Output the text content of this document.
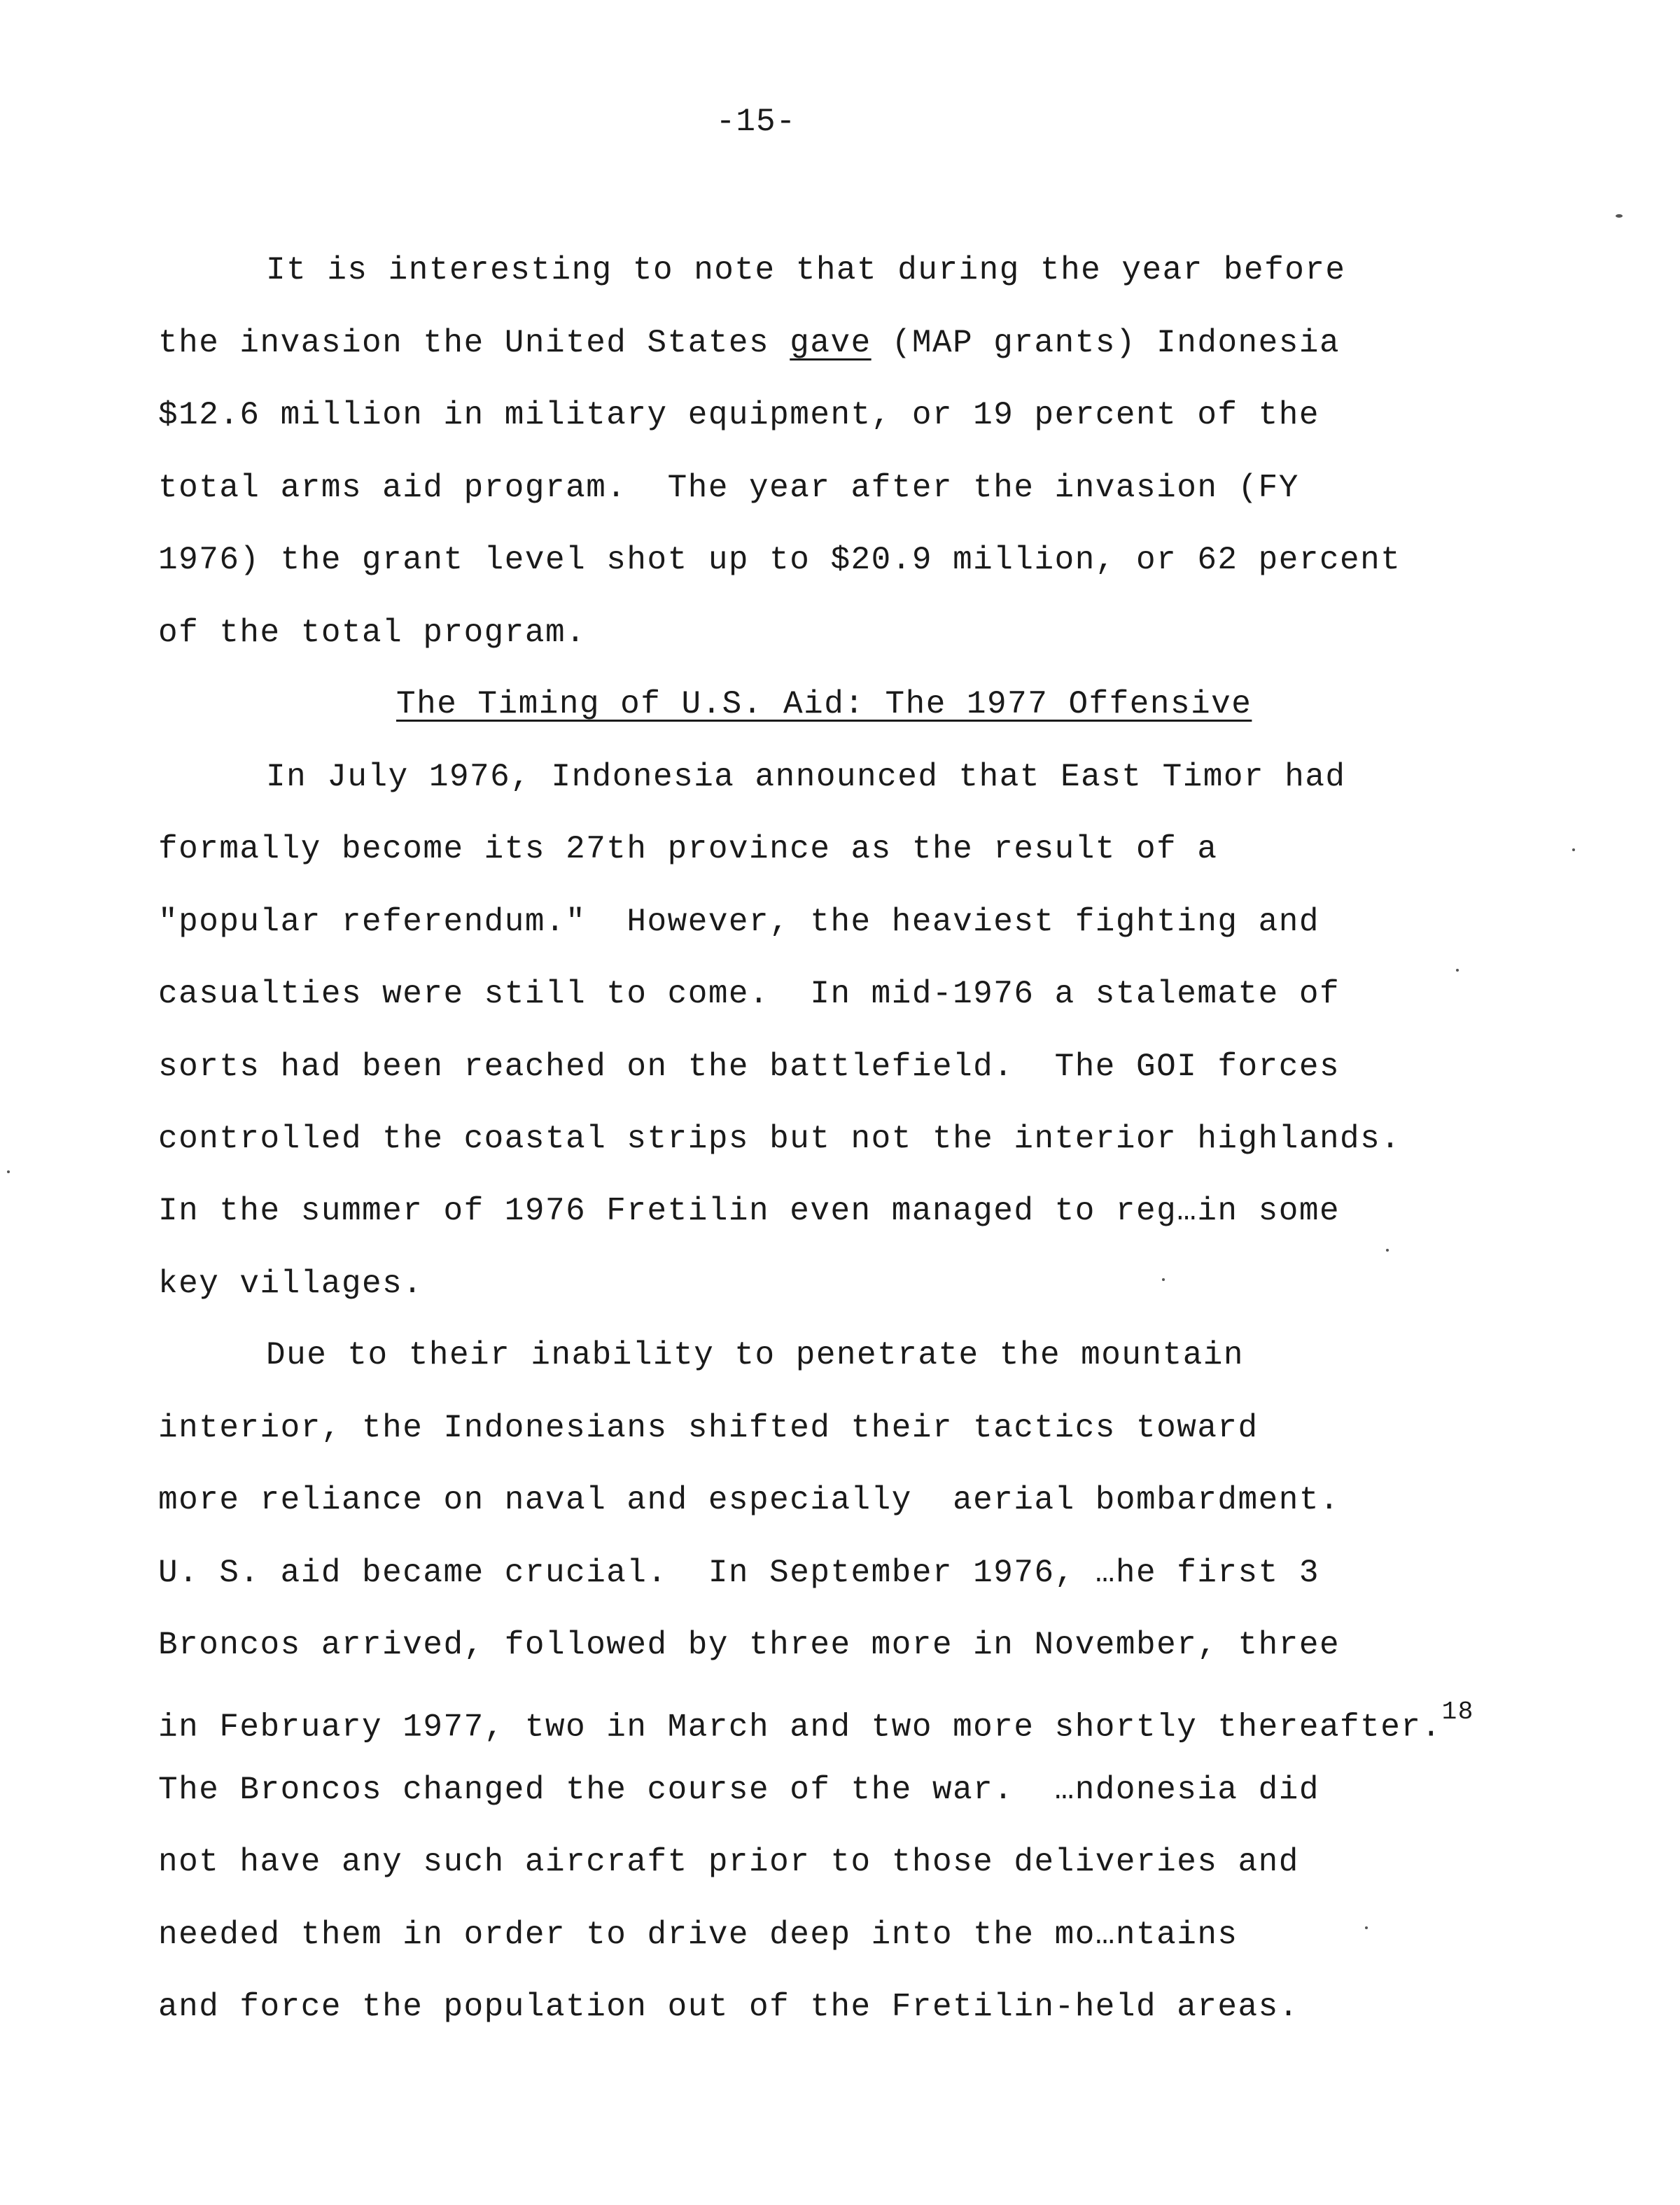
-15-
It is interesting to note that during the year before
the invasion the United States gave (MAP grants) Indonesia
$12.6 million in military equipment, or 19 percent of the
total arms aid program.  The year after the invasion (FY
1976) the grant level shot up to $20.9 million, or 62 percent
of the total program.
The Timing of U.S. Aid: The 1977 Offensive
In July 1976, Indonesia announced that East Timor had
formally become its 27th province as the result of a
"popular referendum."  However, the heaviest fighting and
casualties were still to come.  In mid-1976 a stalemate of
sorts had been reached on the battlefield.  The GOI forces
controlled the coastal strips but not the interior highlands.
In the summer of 1976 Fretilin even managed to reg…in some
key villages.
Due to their inability to penetrate the mountain
interior, the Indonesians shifted their tactics toward
more reliance on naval and especially  aerial bombardment.
U. S. aid became crucial.  In September 1976, …he first 3
Broncos arrived, followed by three more in November, three
in February 1977, two in March and two more shortly thereafter.$^{18}$
The Broncos changed the course of the war.  …ndonesia did
not have any such aircraft prior to those deliveries and
needed them in order to drive deep into the mo…ntains
and force the population out of the Fretilin-held areas.
